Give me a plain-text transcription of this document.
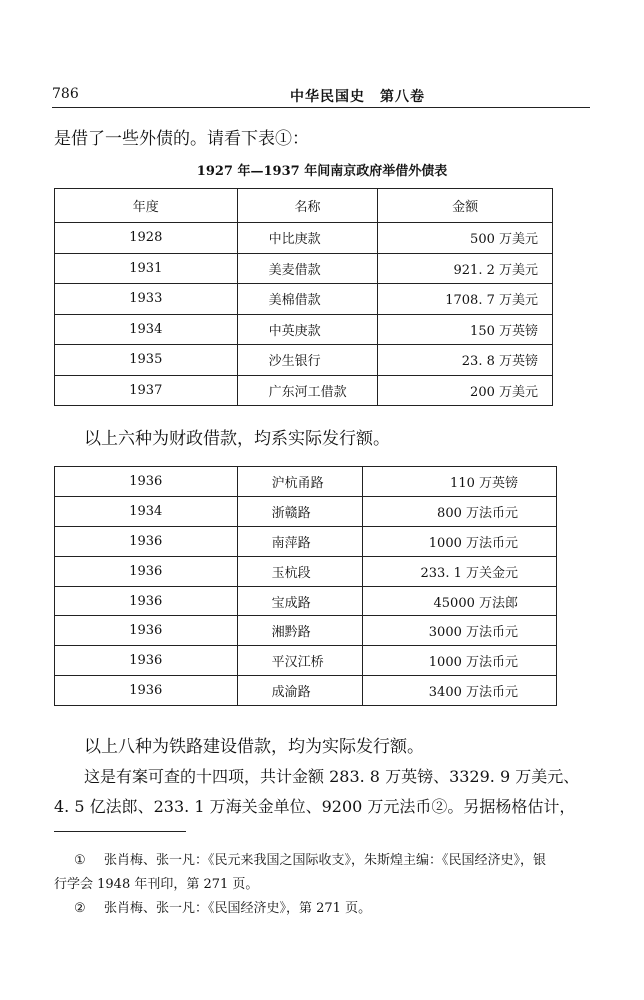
786	中华民国史　第八卷
是借了一些外债的。请看下表①：
1927 年—1937 年间南京政府举借外债表
年度	名称	金额
1928	中比庚款	500 万美元
1931	美麦借款	921. 2 万美元
1933	美棉借款	1708. 7 万美元
1934	中英庚款	150 万英镑
1935	沙生银行	23. 8 万英镑
1937	广东河工借款	200 万美元
以上六种为财政借款，均系实际发行额。
1936	沪杭甬路	110 万英镑
1934	浙赣路	800 万法币元
1936	南萍路	1000 万法币元
1936	玉杭段	233. 1 万关金元
1936	宝成路	45000 万法郎
1936	湘黔路	3000 万法币元
1936	平汉江桥	1000 万法币元
1936	成渝路	3400 万法币元
以上八种为铁路建设借款，均为实际发行额。
这是有案可查的十四项，共计金额 283. 8 万英镑、3329. 9 万美元、
4. 5 亿法郎、233. 1 万海关金单位、9200 万元法币②。另据杨格估计，
① 张肖梅、张一凡：《民元来我国之国际收支》，朱斯煌主编：《民国经济史》，银
行学会 1948 年刊印，第 271 页。
② 张肖梅、张一凡：《民国经济史》，第 271 页。
